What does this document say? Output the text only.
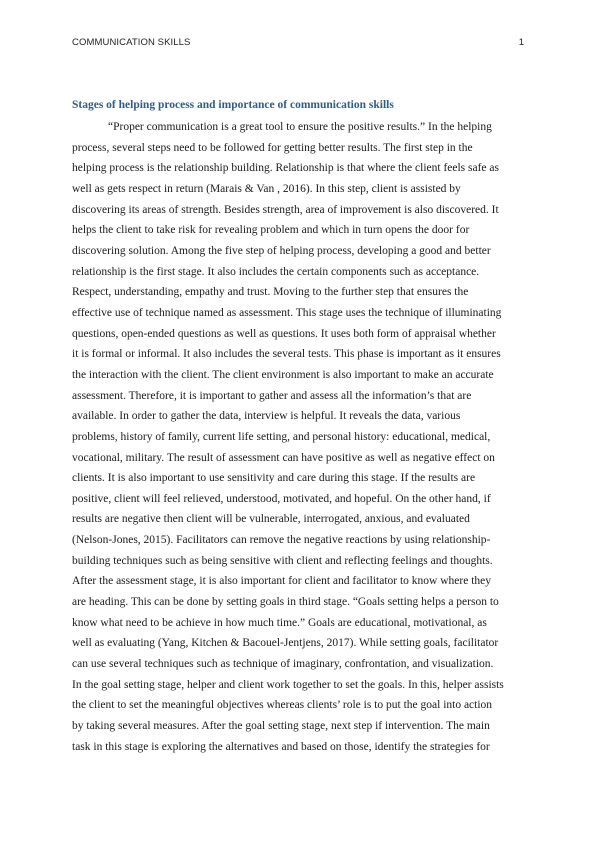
COMMUNICATION SKILLS	1
Stages of helping process and importance of communication skills
“Proper communication is a great tool to ensure the positive results.” In the helping
process, several steps need to be followed for getting better results. The first step in the
helping process is the relationship building. Relationship is that where the client feels safe as
well as gets respect in return (Marais & Van , 2016). In this step, client is assisted by
discovering its areas of strength. Besides strength, area of improvement is also discovered. It
helps the client to take risk for revealing problem and which in turn opens the door for
discovering solution. Among the five step of helping process, developing a good and better
relationship is the first stage. It also includes the certain components such as acceptance.
Respect, understanding, empathy and trust. Moving to the further step that ensures the
effective use of technique named as assessment. This stage uses the technique of illuminating
questions, open-ended questions as well as questions. It uses both form of appraisal whether
it is formal or informal. It also includes the several tests. This phase is important as it ensures
the interaction with the client. The client environment is also important to make an accurate
assessment. Therefore, it is important to gather and assess all the information’s that are
available. In order to gather the data, interview is helpful. It reveals the data, various
problems, history of family, current life setting, and personal history: educational, medical,
vocational, military. The result of assessment can have positive as well as negative effect on
clients. It is also important to use sensitivity and care during this stage. If the results are
positive, client will feel relieved, understood, motivated, and hopeful. On the other hand, if
results are negative then client will be vulnerable, interrogated, anxious, and evaluated
(Nelson-Jones, 2015). Facilitators can remove the negative reactions by using relationship-
building techniques such as being sensitive with client and reflecting feelings and thoughts.
After the assessment stage, it is also important for client and facilitator to know where they
are heading. This can be done by setting goals in third stage. “Goals setting helps a person to
know what need to be achieve in how much time.” Goals are educational, motivational, as
well as evaluating (Yang, Kitchen & Bacouel-Jentjens, 2017). While setting goals, facilitator
can use several techniques such as technique of imaginary, confrontation, and visualization.
In the goal setting stage, helper and client work together to set the goals. In this, helper assists
the client to set the meaningful objectives whereas clients’ role is to put the goal into action
by taking several measures. After the goal setting stage, next step if intervention. The main
task in this stage is exploring the alternatives and based on those, identify the strategies for
